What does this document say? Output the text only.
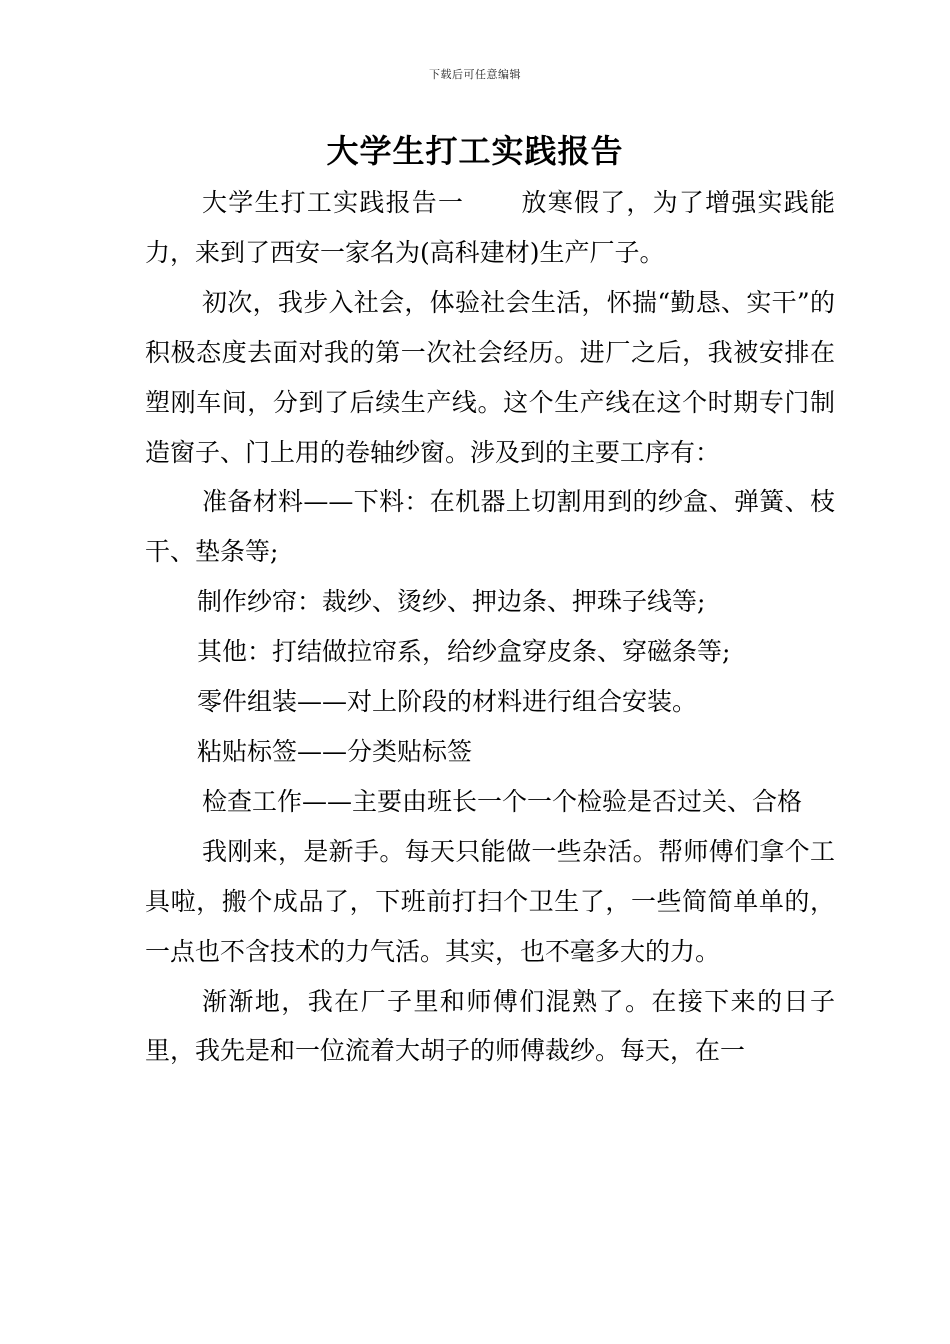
下载后可任意编辑
大学生打工实践报告

大学生打工实践报告一 放寒假了，为了增强实践能力，来到了西安一家名为(高科建材)生产厂子。

初次，我步入社会，体验社会生活，怀揣“勤恳、实干”的积极态度去面对我的第一次社会经历。进厂之后，我被安排在塑刚车间，分到了后续生产线。这个生产线在这个时期专门制造窗子、门上用的卷轴纱窗。涉及到的主要工序有：

准备材料——下料：在机器上切割用到的纱盒、弹簧、枝干、垫条等;

制作纱帘：裁纱、烫纱、押边条、押珠子线等;

其他：打结做拉帘系，给纱盒穿皮条、穿磁条等;

零件组装——对上阶段的材料进行组合安装。

粘贴标签——分类贴标签

检查工作——主要由班长一个一个检验是否过关、合格

我刚来，是新手。每天只能做一些杂活。帮师傅们拿个工具啦，搬个成品了，下班前打扫个卫生了，一些简简单单的，一点也不含技术的力气活。其实，也不毫多大的力。

渐渐地，我在厂子里和师傅们混熟了。在接下来的日子里，我先是和一位流着大胡子的师傅裁纱。每天，在一
